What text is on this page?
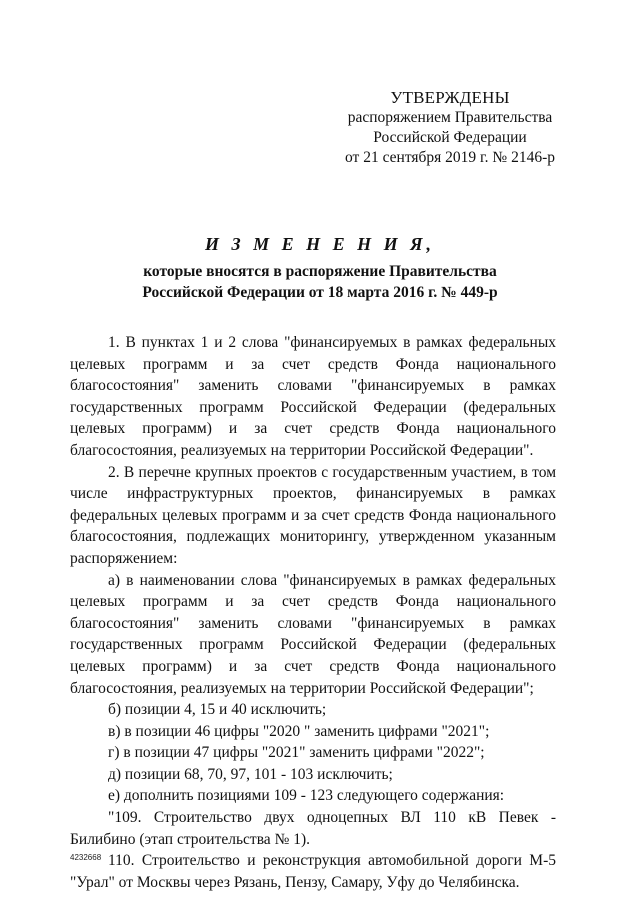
УТВЕРЖДЕНЫ
распоряжением Правительства
Российской Федерации
от 21 сентября 2019 г. № 2146-р
И З М Е Н Е Н И Я,
которые вносятся в распоряжение Правительства
Российской Федерации от 18 марта 2016 г. № 449-р

1. В пунктах 1 и 2 слова "финансируемых в рамках федеральных целевых программ и за счет средств Фонда национального благосостояния" заменить словами "финансируемых в рамках государственных программ Российской Федерации (федеральных целевых программ) и за счет средств Фонда национального благосостояния, реализуемых на территории Российской Федерации".

2. В перечне крупных проектов с государственным участием, в том числе инфраструктурных проектов, финансируемых в рамках федеральных целевых программ и за счет средств Фонда национального благосостояния, подлежащих мониторингу, утвержденном указанным распоряжением:

а) в наименовании слова "финансируемых в рамках федеральных целевых программ и за счет средств Фонда национального благосостояния" заменить словами "финансируемых в рамках государственных программ Российской Федерации (федеральных целевых программ) и за счет средств Фонда национального благосостояния, реализуемых на территории Российской Федерации";

б) позиции 4, 15 и 40 исключить;

в) в позиции 46 цифры "2020 " заменить цифрами "2021";

г) в позиции 47 цифры "2021" заменить цифрами "2022";

д) позиции 68, 70, 97, 101 - 103 исключить;

е) дополнить позициями 109 - 123 следующего содержания:

"109. Строительство двух одноцепных ВЛ 110 кВ Певек - Билибино (этап строительства № 1).

110. Строительство и реконструкция автомобильной дороги М-5 "Урал" от Москвы через Рязань, Пензу, Самару, Уфу до Челябинска.

4232668
